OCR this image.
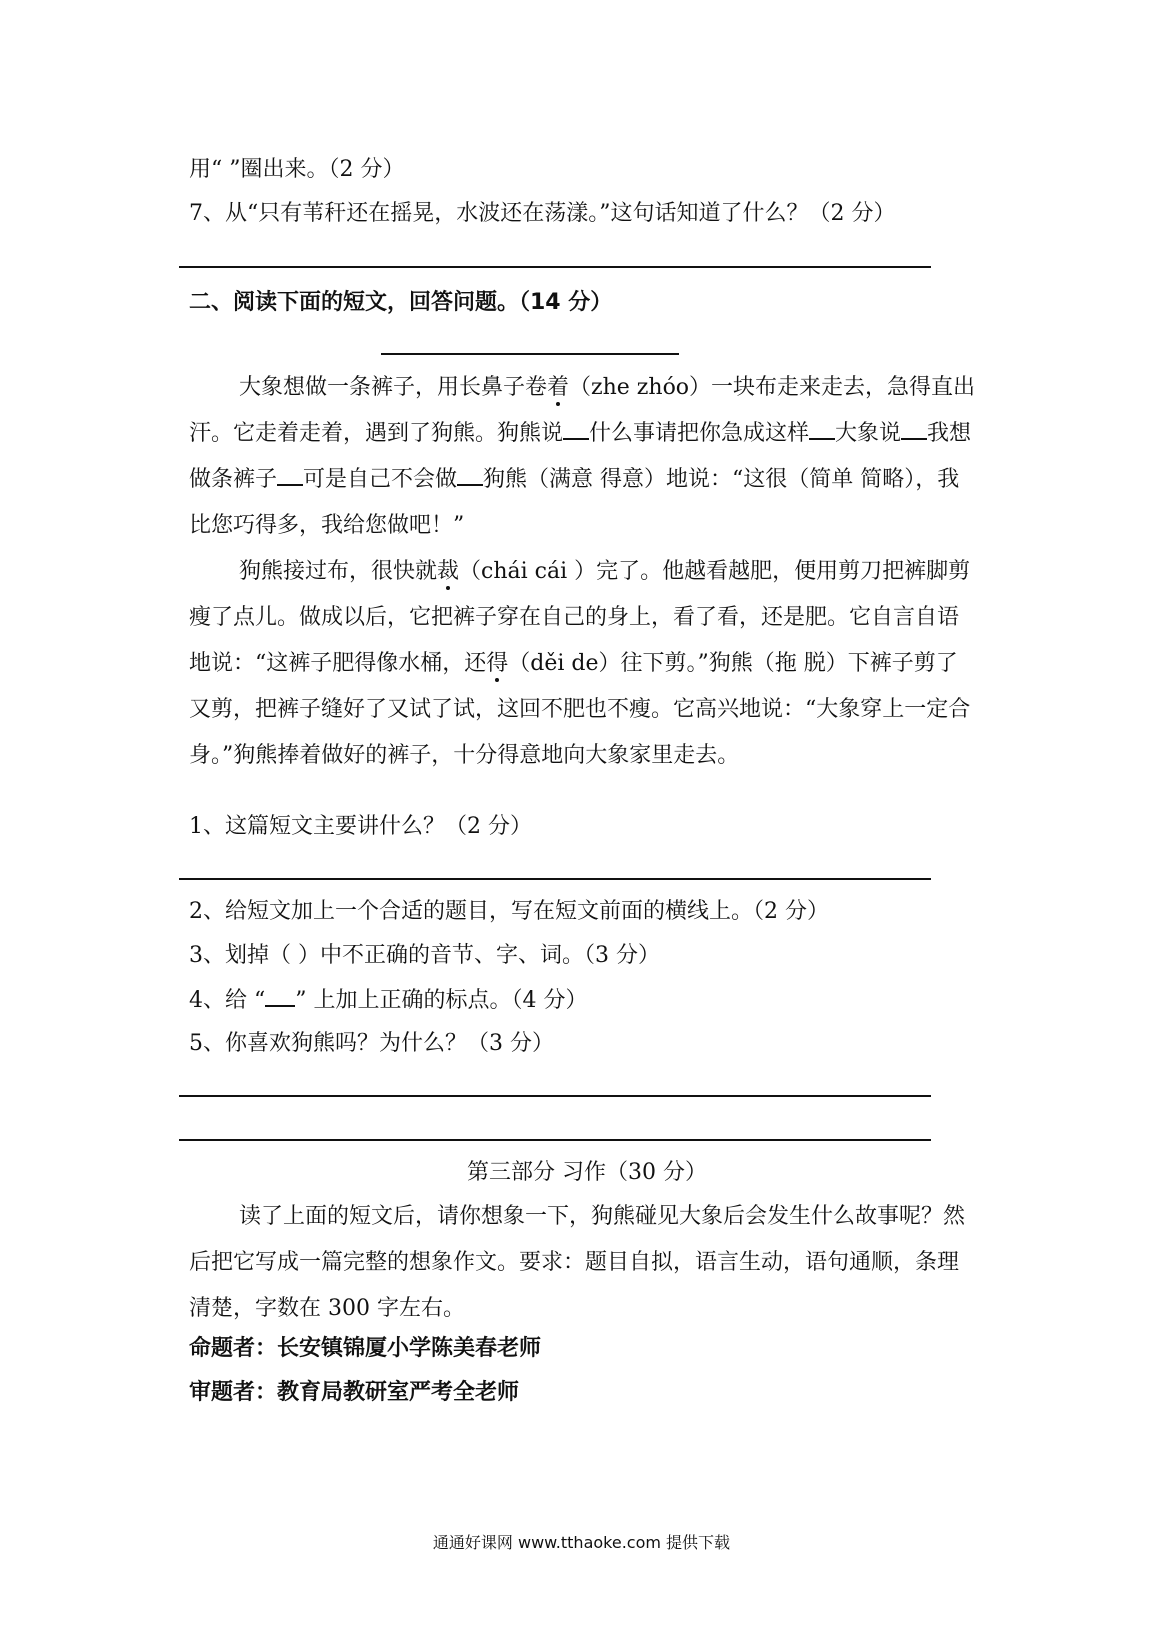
用“ ”圈出来。（2 分）
7、从“只有苇秆还在摇晃，水波还在荡漾。”这句话知道了什么？（2 分）
二、阅读下面的短文，回答问题。（14 分）

大象想做一条裤子，用长鼻子卷着（zhe zhóo）一块布走来走去，急得直出汗。它走着走着，遇到了狗熊。狗熊说 什么事请把你急成这样 大象说 我想做条裤子 可是自己不会做 狗熊（满意 得意）地说：“这很（简单 简略），我比您巧得多，我给您做吧！”

狗熊接过布，很快就裁（chái cái ）完了。他越看越肥，便用剪刀把裤脚剪瘦了点儿。做成以后，它把裤子穿在自己的身上，看了看，还是肥。它自言自语地说：“这裤子肥得像水桶，还得（děi de）往下剪。”狗熊（拖 脱）下裤子剪了又剪，把裤子缝好了又试了试，这回不肥也不瘦。它高兴地说：“大象穿上一定合身。”狗熊捧着做好的裤子，十分得意地向大象家里走去。

1、这篇短文主要讲什么？（2 分）
2、给短文加上一个合适的题目，写在短文前面的横线上。（2 分）
3、划掉（ ）中不正确的音节、字、词。（3 分）
4、给 “ ” 上加上正确的标点。（4 分）
5、你喜欢狗熊吗？为什么？（3 分）
第三部分 习作（30 分）
读了上面的短文后，请你想象一下，狗熊碰见大象后会发生什么故事呢？然后把它写成一篇完整的想象作文。要求：题目自拟，语言生动，语句通顺，条理清楚，字数在 300 字左右。
命题者：长安镇锦厦小学陈美春老师
审题者：教育局教研室严考全老师
通通好课网 www.tthaoke.com 提供下载
